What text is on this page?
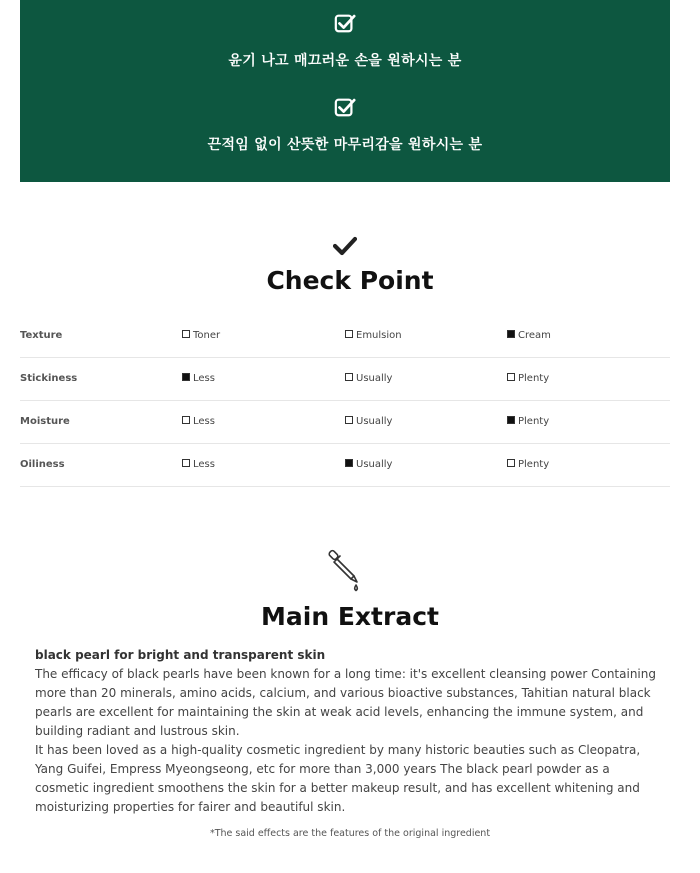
윤기 나고 매끄러운 손을 원하시는 분
끈적임 없이 산뜻한 마무리감을 원하시는 분
Check Point
Texture	Toner	Emulsion	Cream
Stickiness	Less	Usually	Plenty
Moisture	Less	Usually	Plenty
Oiliness	Less	Usually	Plenty
Main Extract

black pearl for bright and transparent skin

The efficacy of black pearls have been known for a long time: it's excellent cleansing power Containing more than 20 minerals, amino acids, calcium, and various bioactive substances, Tahitian natural black pearls are excellent for maintaining the skin at weak acid levels, enhancing the immune system, and building radiant and lustrous skin.

It has been loved as a high-quality cosmetic ingredient by many historic beauties such as Cleopatra, Yang Guifei, Empress Myeongseong, etc for more than 3,000 years The black pearl powder as a cosmetic ingredient smoothens the skin for a better makeup result, and has excellent whitening and moisturizing properties for fairer and beautiful skin.

*The said effects are the features of the original ingredient
